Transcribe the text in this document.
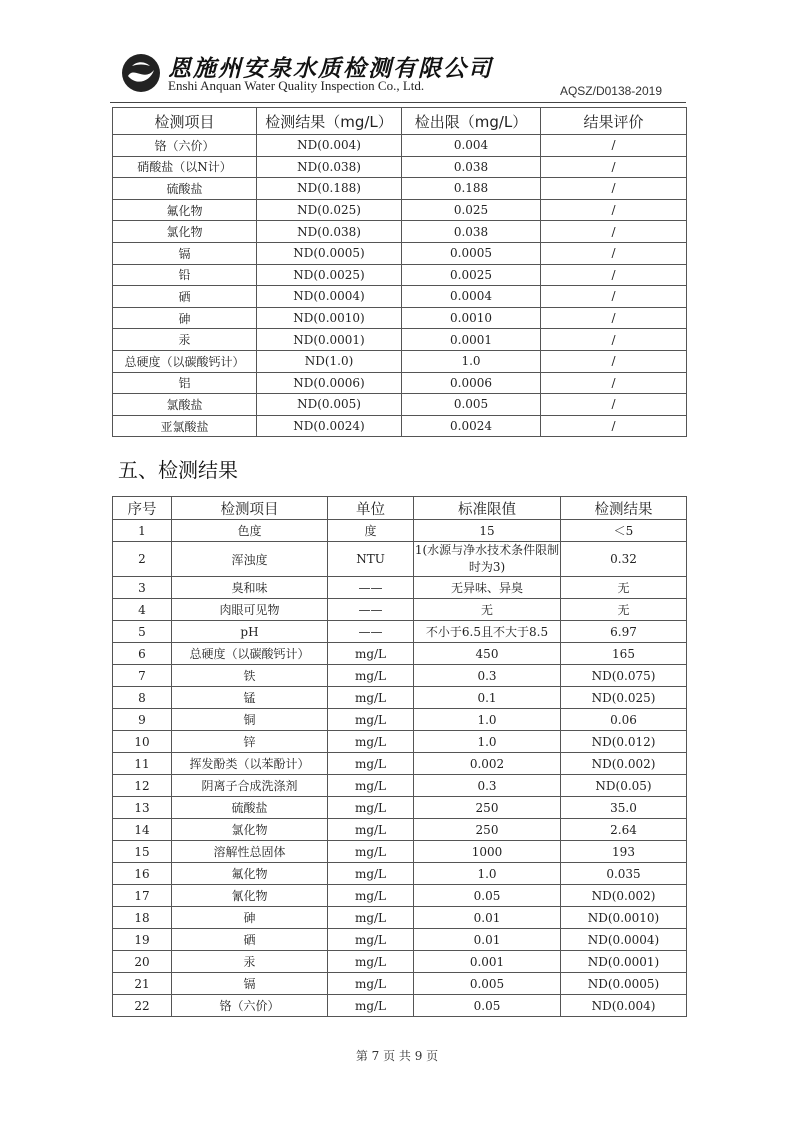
恩施州安泉水质检测有限公司
Enshi Anquan Water Quality Inspection Co., Ltd.	AQSZ/D0138-2019
检测项目	检测结果（mg/L）	检出限（mg/L）	结果评价
铬（六价）	ND(0.004)	0.004	/
硝酸盐（以N计）	ND(0.038)	0.038	/
硫酸盐	ND(0.188)	0.188	/
氟化物	ND(0.025)	0.025	/
氯化物	ND(0.038)	0.038	/
镉	ND(0.0005)	0.0005	/
铅	ND(0.0025)	0.0025	/
硒	ND(0.0004)	0.0004	/
砷	ND(0.0010)	0.0010	/
汞	ND(0.0001)	0.0001	/
总硬度（以碳酸钙计）	ND(1.0)	1.0	/
铝	ND(0.0006)	0.0006	/
氯酸盐	ND(0.005)	0.005	/
亚氯酸盐	ND(0.0024)	0.0024	/
五、检测结果
序号	检测项目	单位	标准限值	检测结果
1	色度	度	15	＜5
2	浑浊度	NTU	1(水源与净水技术条件限制时为3)	0.32
3	臭和味	——	无异味、异臭	无
4	肉眼可见物	——	无	无
5	pH	——	不小于6.5且不大于8.5	6.97
6	总硬度（以碳酸钙计）	mg/L	450	165
7	铁	mg/L	0.3	ND(0.075)
8	锰	mg/L	0.1	ND(0.025)
9	铜	mg/L	1.0	0.06
10	锌	mg/L	1.0	ND(0.012)
11	挥发酚类（以苯酚计）	mg/L	0.002	ND(0.002)
12	阴离子合成洗涤剂	mg/L	0.3	ND(0.05)
13	硫酸盐	mg/L	250	35.0
14	氯化物	mg/L	250	2.64
15	溶解性总固体	mg/L	1000	193
16	氟化物	mg/L	1.0	0.035
17	氰化物	mg/L	0.05	ND(0.002)
18	砷	mg/L	0.01	ND(0.0010)
19	硒	mg/L	0.01	ND(0.0004)
20	汞	mg/L	0.001	ND(0.0001)
21	镉	mg/L	0.005	ND(0.0005)
22	铬（六价）	mg/L	0.05	ND(0.004)
第 7 页 共 9 页
